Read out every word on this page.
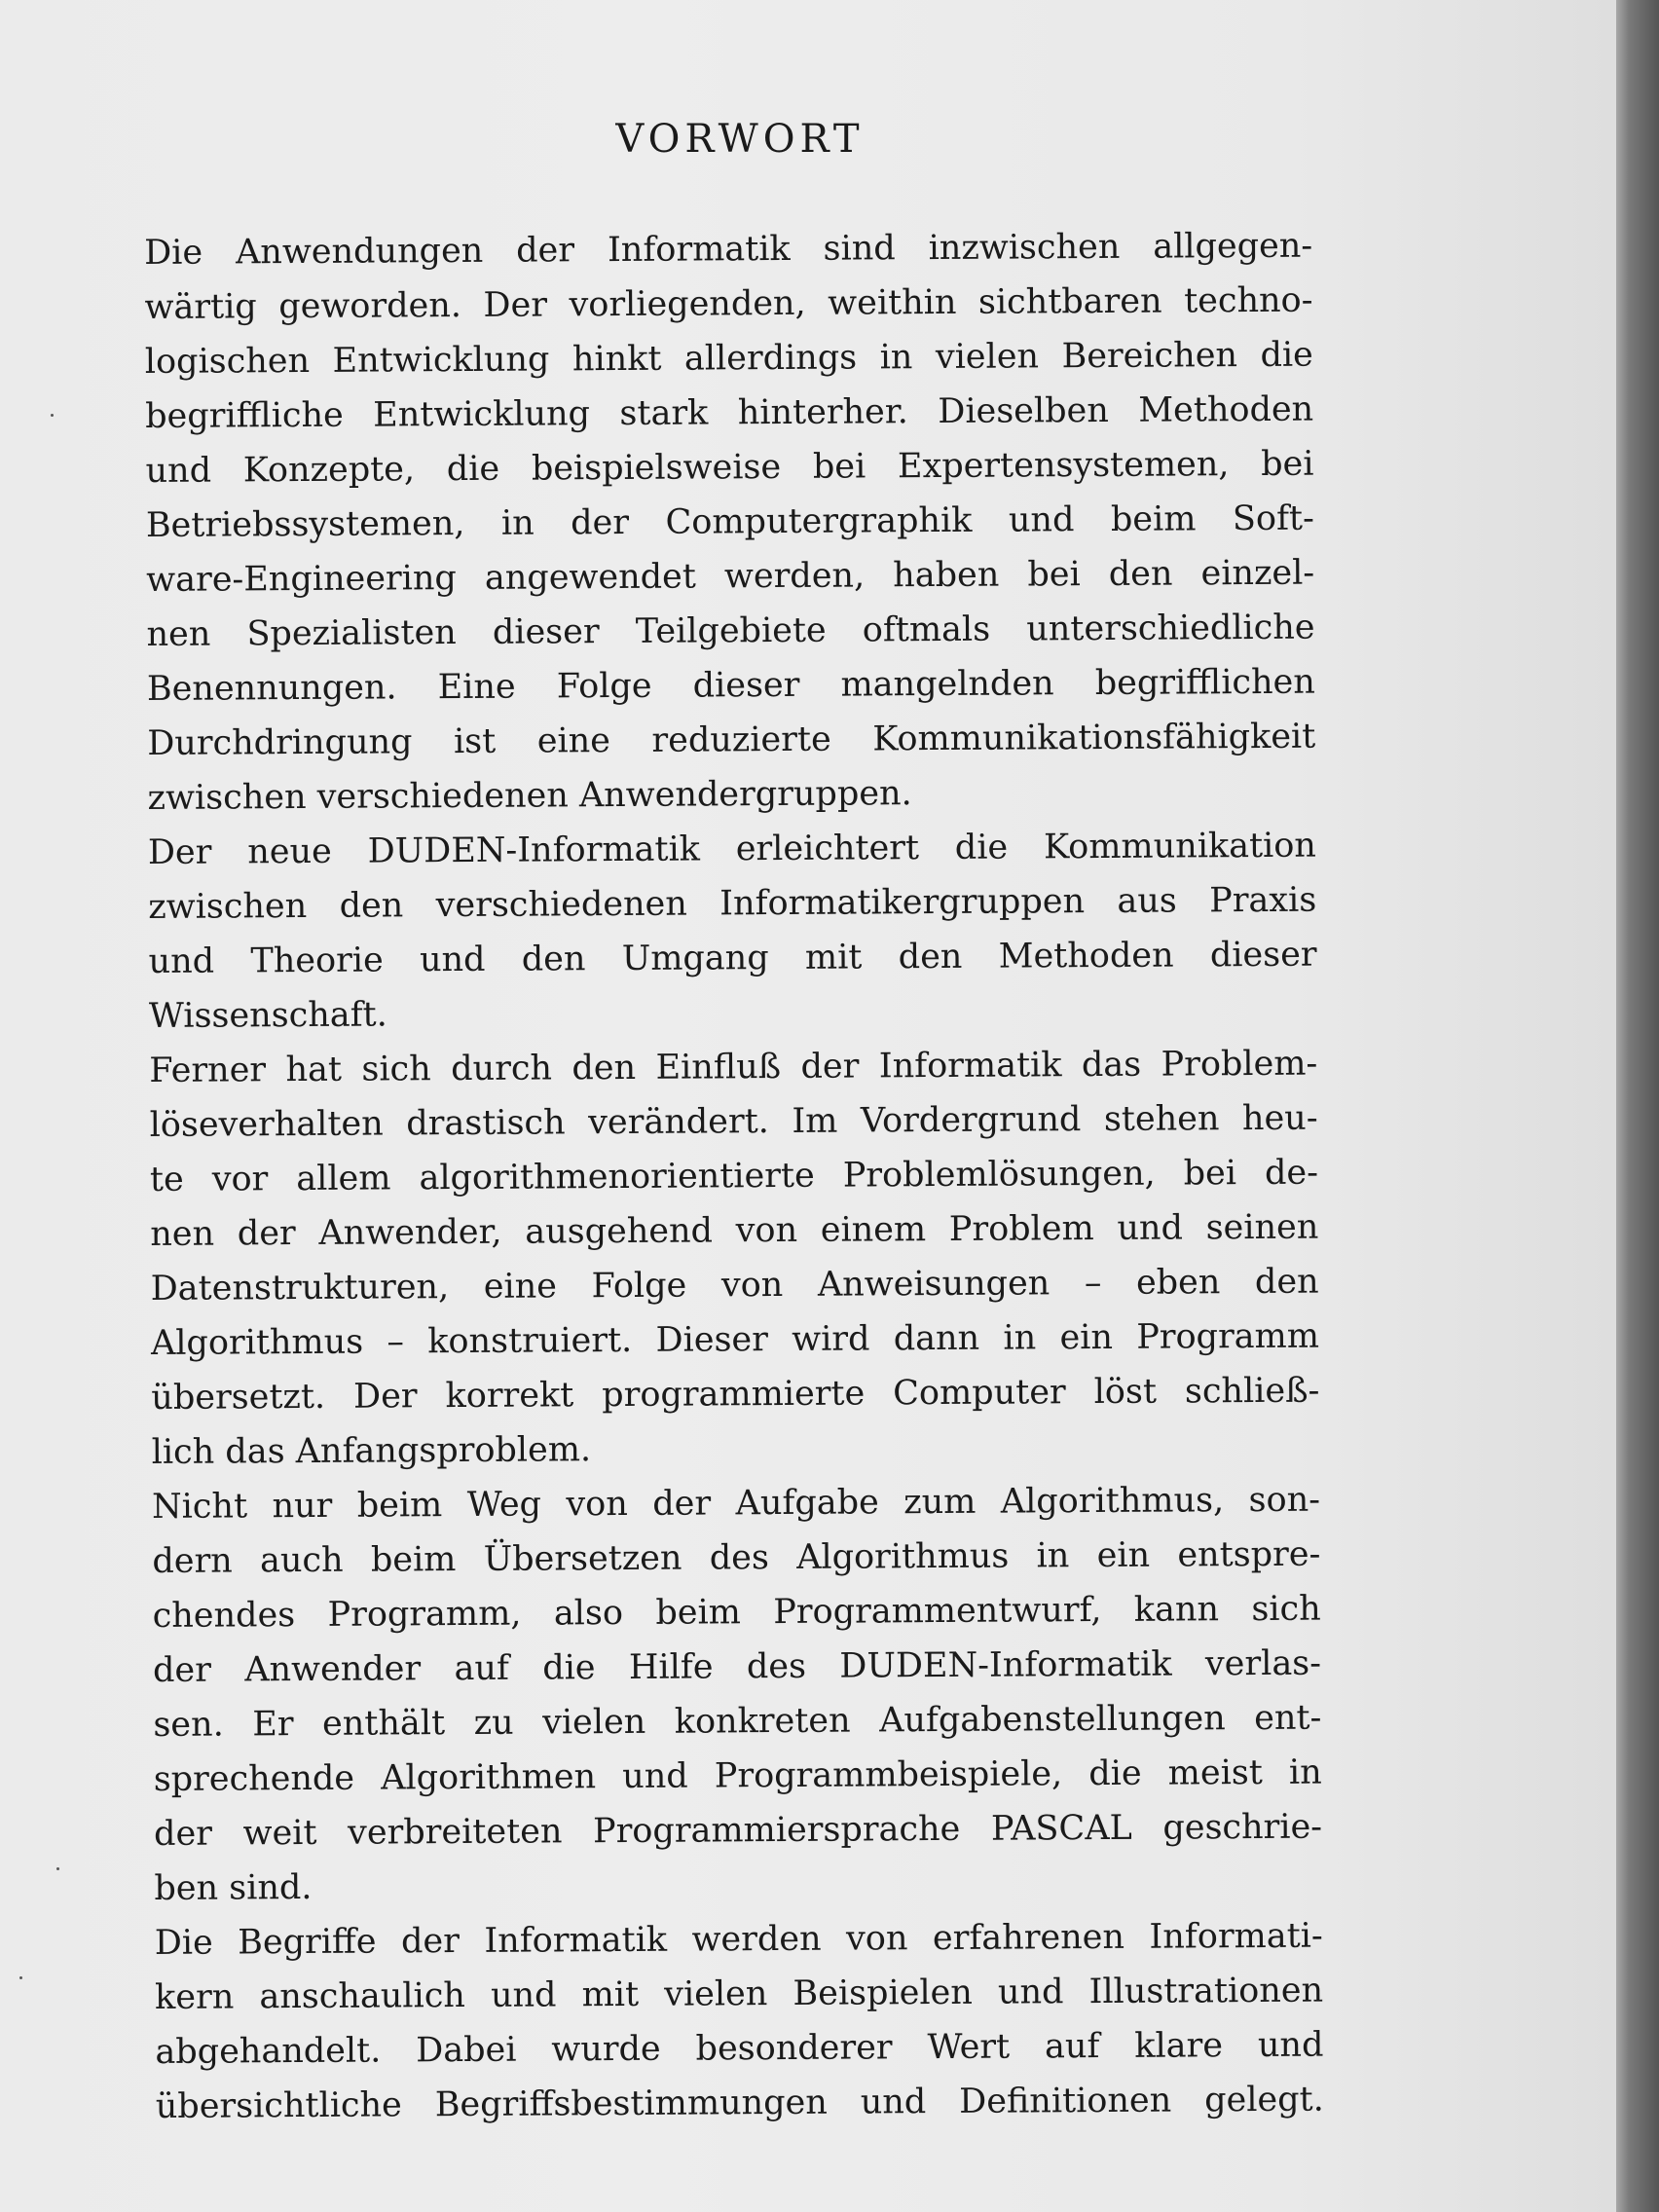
VORWORT
Die Anwendungen der Informatik sind inzwischen allgegen-
wärtig geworden. Der vorliegenden, weithin sichtbaren techno-
logischen Entwicklung hinkt allerdings in vielen Bereichen die
begriffliche Entwicklung stark hinterher. Dieselben Methoden
und Konzepte, die beispielsweise bei Expertensystemen, bei
Betriebssystemen, in der Computergraphik und beim Soft-
ware-Engineering angewendet werden, haben bei den einzel-
nen Spezialisten dieser Teilgebiete oftmals unterschiedliche
Benennungen. Eine Folge dieser mangelnden begrifflichen
Durchdringung ist eine reduzierte Kommunikationsfähigkeit
zwischen verschiedenen Anwendergruppen.
Der neue DUDEN-Informatik erleichtert die Kommunikation
zwischen den verschiedenen Informatikergruppen aus Praxis
und Theorie und den Umgang mit den Methoden dieser
Wissenschaft.
Ferner hat sich durch den Einfluß der Informatik das Problem-
löseverhalten drastisch verändert. Im Vordergrund stehen heu-
te vor allem algorithmenorientierte Problemlösungen, bei de-
nen der Anwender, ausgehend von einem Problem und seinen
Datenstrukturen, eine Folge von Anweisungen – eben den
Algorithmus – konstruiert. Dieser wird dann in ein Programm
übersetzt. Der korrekt programmierte Computer löst schließ-
lich das Anfangsproblem.
Nicht nur beim Weg von der Aufgabe zum Algorithmus, son-
dern auch beim Übersetzen des Algorithmus in ein entspre-
chendes Programm, also beim Programmentwurf, kann sich
der Anwender auf die Hilfe des DUDEN-Informatik verlas-
sen. Er enthält zu vielen konkreten Aufgabenstellungen ent-
sprechende Algorithmen und Programmbeispiele, die meist in
der weit verbreiteten Programmiersprache PASCAL geschrie-
ben sind.
Die Begriffe der Informatik werden von erfahrenen Informati-
kern anschaulich und mit vielen Beispielen und Illustrationen
abgehandelt. Dabei wurde besonderer Wert auf klare und
übersichtliche Begriffsbestimmungen und Definitionen gelegt.
